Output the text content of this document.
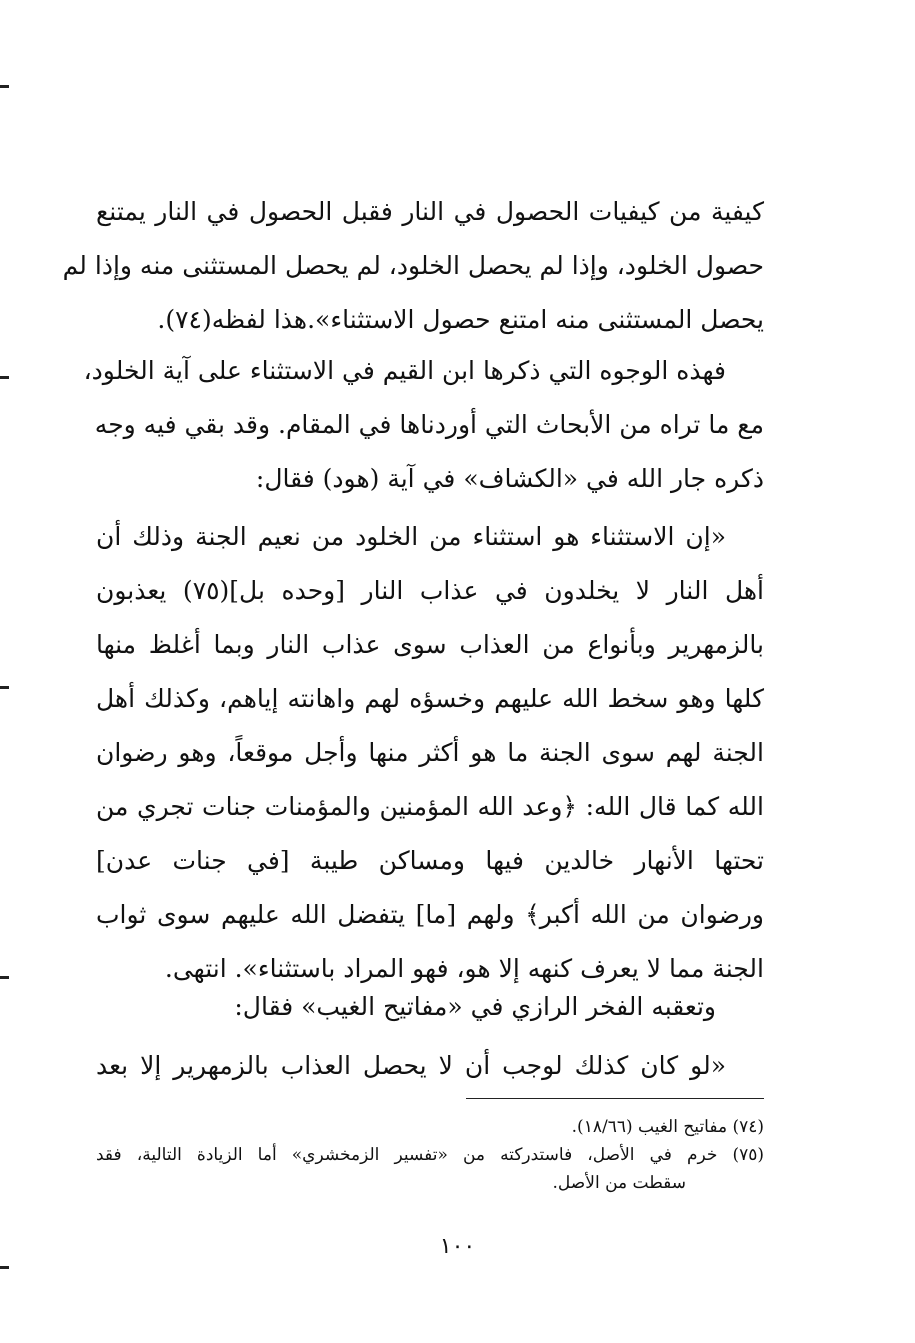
كيفية من كيفيات الحصول في النار فقبل الحصول في النار يمتنع
حصول الخلود، وإذا لم يحصل الخلود، لم يحصل المستثنى منه وإذا لم
يحصل المستثنى منه امتنع حصول الاستثناء».هذا لفظه(٧٤).
فهذه الوجوه التي ذكرها ابن القيم في الاستثناء على آية الخلود،
مع ما تراه من الأبحاث التي أوردناها في المقام. وقد بقي فيه وجه
ذكره جار الله في «الكشاف» في آية (هود) فقال:
«إن الاستثناء هو استثناء من الخلود من نعيم الجنة وذلك أن
أهل النار لا يخلدون في عذاب النار [وحده بل](٧٥) يعذبون
بالزمهرير وبأنواع من العذاب سوى عذاب النار وبما أغلظ منها
كلها وهو سخط الله عليهم وخسؤه لهم واهانته إياهم، وكذلك أهل
الجنة لهم سوى الجنة ما هو أكثر منها وأجل موقعاً، وهو رضوان
الله كما قال الله: ﴿وعد الله المؤمنين والمؤمنات جنات تجري من
تحتها الأنهار خالدين فيها ومساكن طيبة [في جنات عدن]
ورضوان من الله أكبر﴾ ولهم [ما] يتفضل الله عليهم سوى ثواب
الجنة مما لا يعرف كنهه إلا هو، فهو المراد باستثناء». انتهى.
وتعقبه الفخر الرازي في «مفاتيح الغيب» فقال:
«لو كان كذلك لوجب أن لا يحصل العذاب بالزمهرير إلا بعد
(٧٤) مفاتيح الغيب (١٨/٦٦).
(٧٥) خرم في الأصل، فاستدركته من «تفسير الزمخشري» أما الزيادة التالية، فقد
سقطت من الأصل.
١٠٠
